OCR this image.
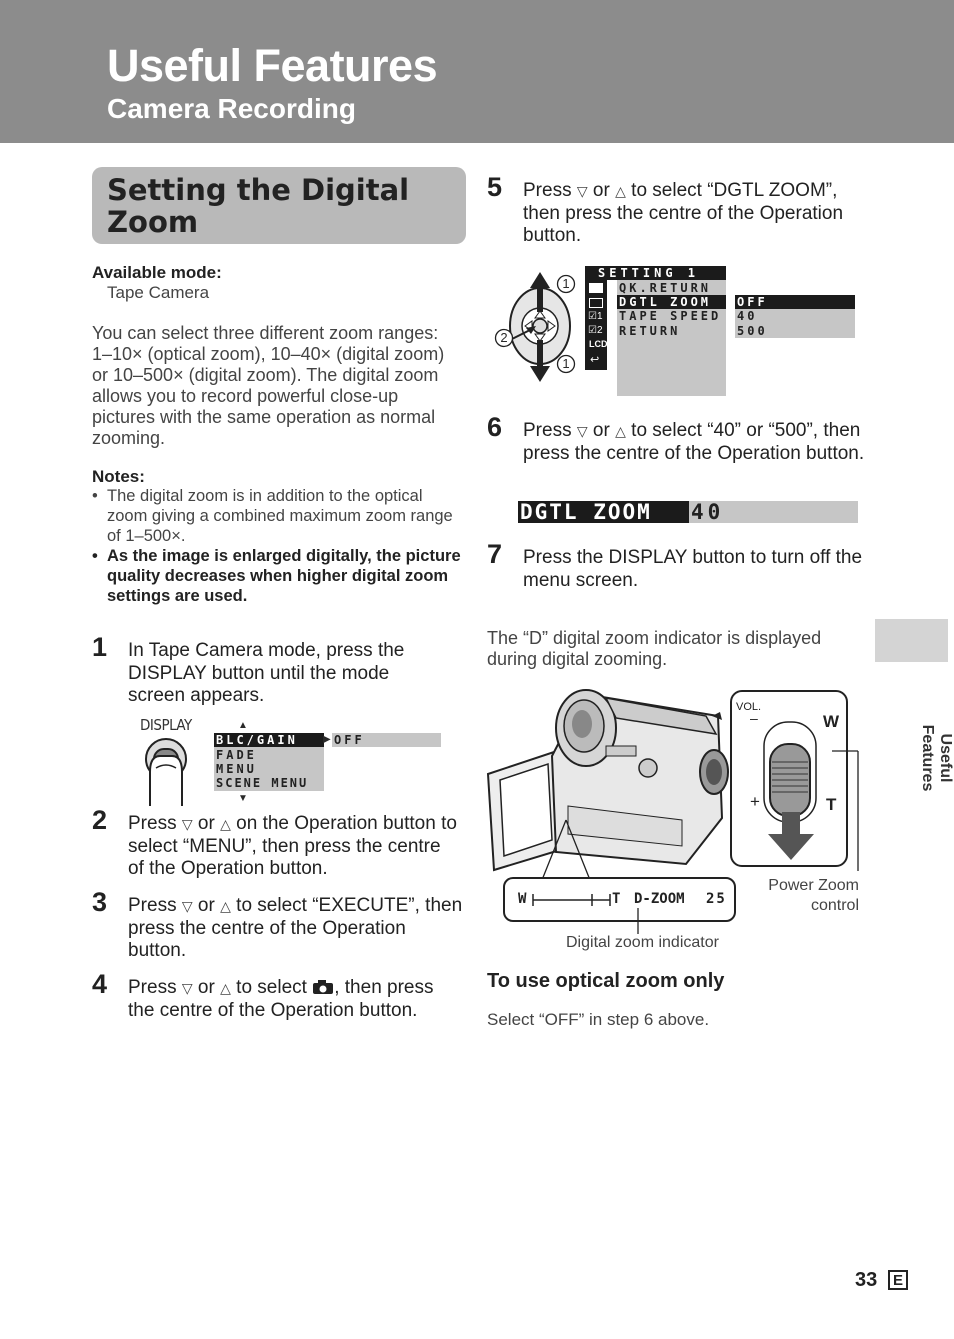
Useful Features
Camera Recording
Setting the Digital Zoom
Available mode:
Tape Camera
You can select three different zoom ranges: 1–10× (optical zoom), 10–40× (digital zoom) or 10–500× (digital zoom). The digital zoom allows you to record powerful close-up pictures with the same operation as normal zooming.
Notes:
• The digital zoom is in addition to the optical zoom giving a combined maximum zoom range of 1–500×.
• As the image is enlarged digitally, the picture quality decreases when higher digital zoom settings are used.
1 In Tape Camera mode, press the DISPLAY button until the mode screen appears.
DISPLAY	▲
BLC/GAIN
FADE
MENU
SCENE MENU
▶ OFF
▼
2 Press ▽ or △ on the Operation button to select “MENU”, then press the centre of the Operation button.
3 Press ▽ or △ to select “EXECUTE”, then press the centre of the Operation button.
4 Press ▽ or △ to select , then press the centre of the Operation button.
5 Press ▽ or △ to select “DGTL ZOOM”, then press the centre of the Operation button.
1
2
1
☑1
☑2
LCD
↩
SETTING 1
QK.RETURN
DGTL ZOOM
TAPE SPEED
RETURN
OFF
40
500
6 Press ▽ or △ to select “40” or “500”, then press the centre of the Operation button.
DGTL ZOOM	40
7 Press the DISPLAY button to turn off the menu screen.
The “D” digital zoom indicator is displayed during digital zooming.
VOL.
W
T
–
+
Power Zoom control
W	T D-ZOOM 25
Digital zoom indicator
To use optical zoom only
Select “OFF” in step 6 above.
Useful Features
33	E
